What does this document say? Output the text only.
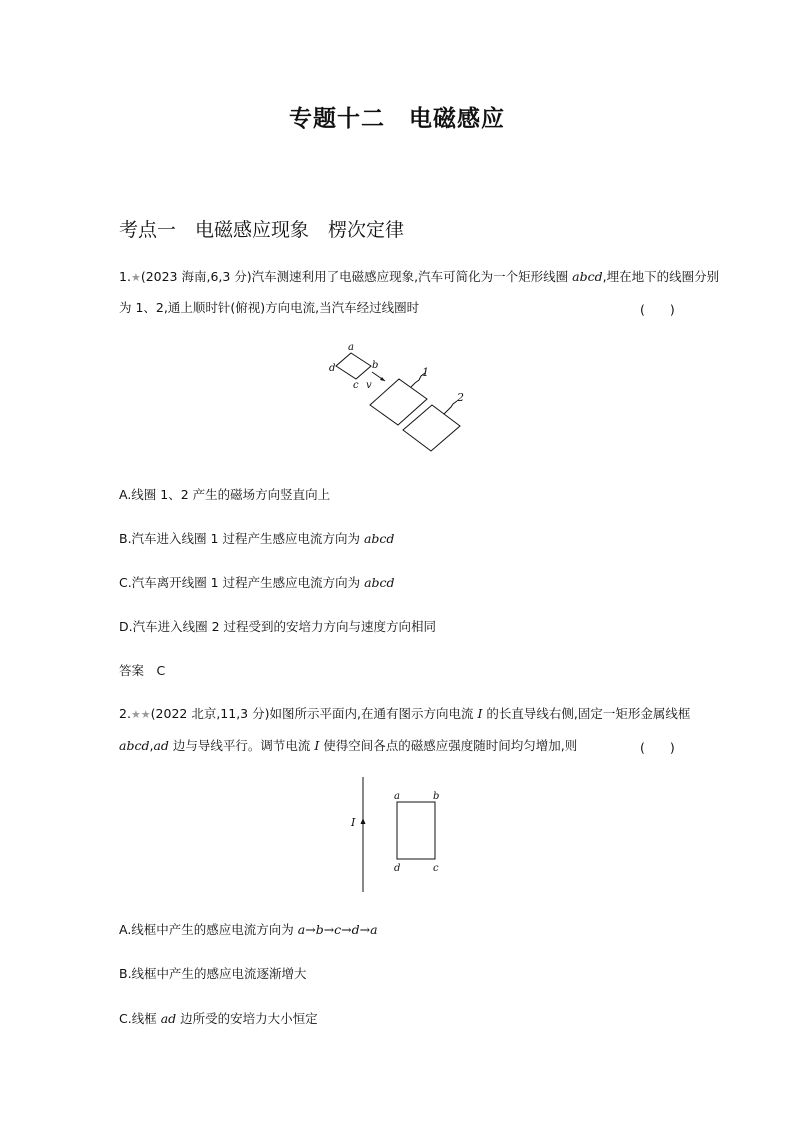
专题十二　电磁感应
考点一　电磁感应现象　楞次定律
1.★(2023 海南,6,3 分)汽车测速利用了电磁感应现象,汽车可简化为一个矩形线圈 abcd,埋在地下的线圈分别
为 1、2,通上顺时针(俯视)方向电流,当汽车经过线圈时	(　　)
a
b
c
d
v
1
2
A.线圈 1、2 产生的磁场方向竖直向上
B.汽车进入线圈 1 过程产生感应电流方向为 abcd
C.汽车离开线圈 1 过程产生感应电流方向为 abcd
D.汽车进入线圈 2 过程受到的安培力方向与速度方向相同
答案　C
2.★★(2022 北京,11,3 分)如图所示平面内,在通有图示方向电流 I 的长直导线右侧,固定一矩形金属线框
abcd,ad 边与导线平行。调节电流 I 使得空间各点的磁感应强度随时间均匀增加,则	(　　)
I
a	b
c
d
A.线框中产生的感应电流方向为 a→b→c→d→a
B.线框中产生的感应电流逐渐增大
C.线框 ad 边所受的安培力大小恒定
